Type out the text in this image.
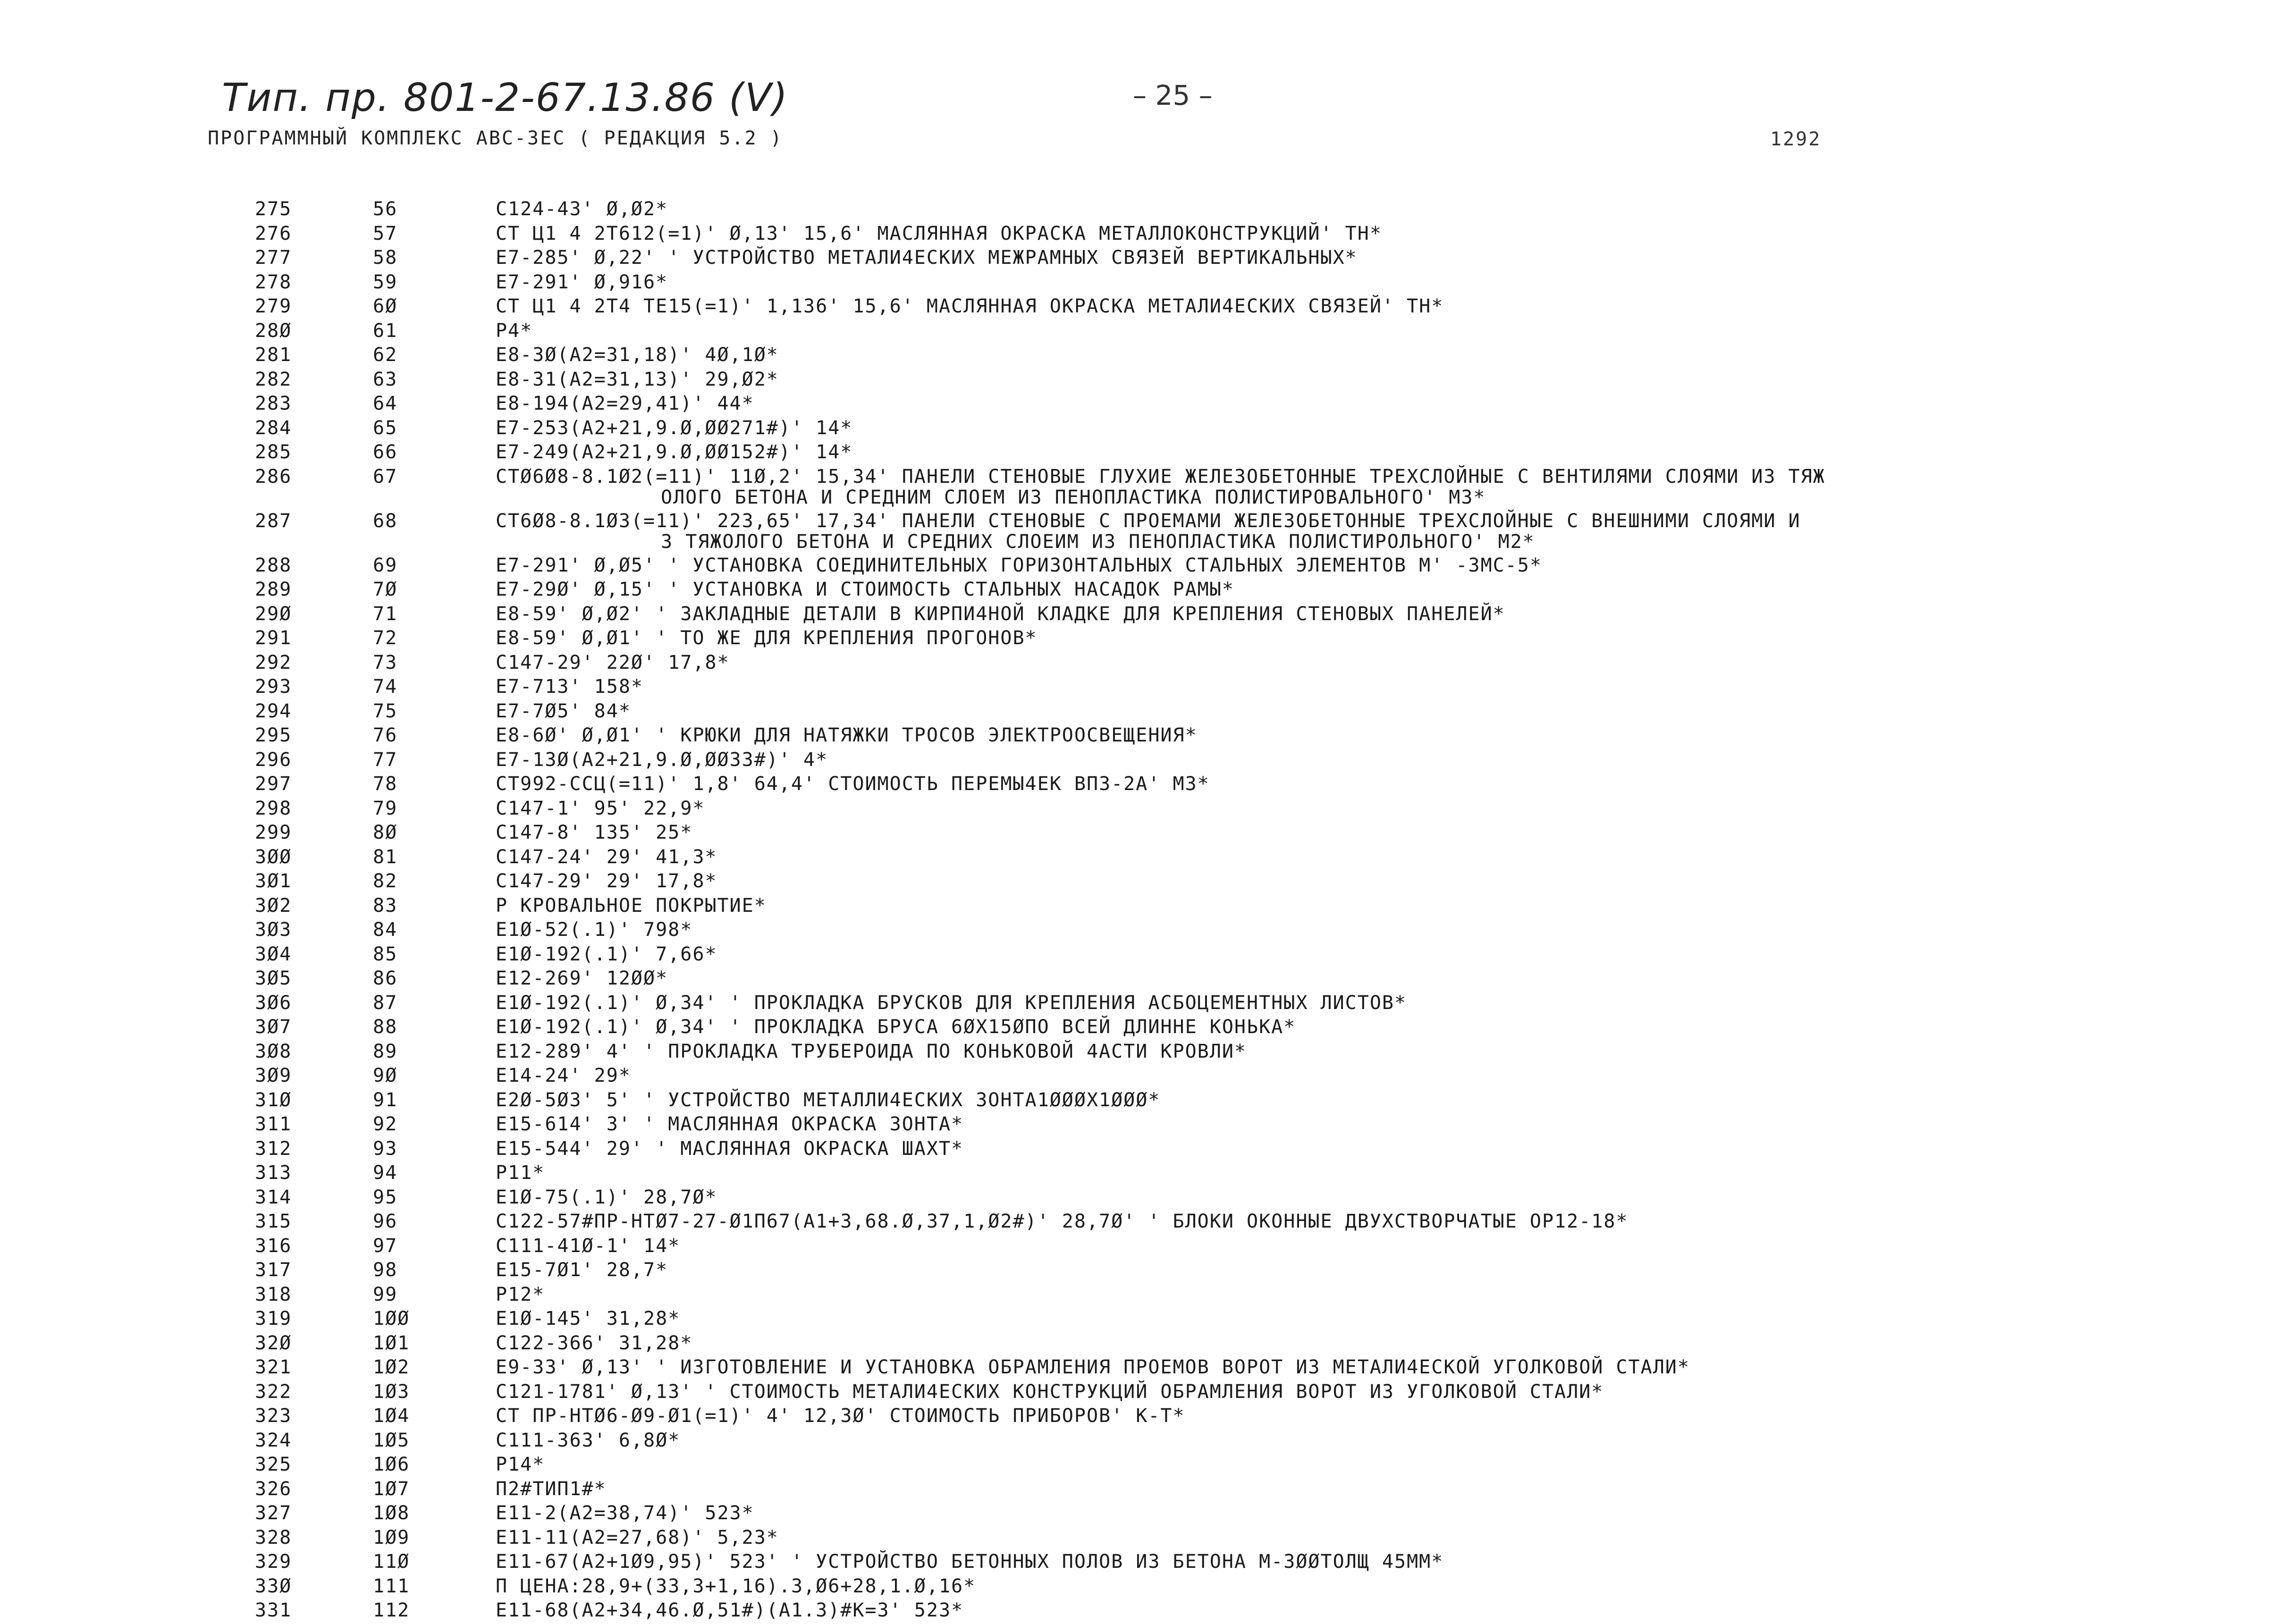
Тип. пр. 801-2-67.13.86 (V)	– 25 –
ПРОГРАММНЫЙ КОМПЛЕКС АВС-3ЕС ( РЕДАКЦИЯ 5.2 )	1292
275	56	С124-43' Ø,Ø2*
276	57	СТ Ц1 4 2Т612(=1)' Ø,13' 15,6' МАСЛЯННАЯ ОКРАСКА МЕТАЛЛОКОНСТРУКЦИЙ' ТН*
277	58	Е7-285' Ø,22' ' УСТРОЙСТВО МЕТАЛИ4ЕСКИХ МЕЖРАМНЫХ СВЯЗЕЙ ВЕРТИКАЛЬНЫХ*
278	59	Е7-291' Ø,916*
279	6Ø	СТ Ц1 4 2Т4 ТЕ15(=1)' 1,136' 15,6' МАСЛЯННАЯ ОКРАСКА МЕТАЛИ4ЕСКИХ СВЯЗЕЙ' ТН*
28Ø	61	Р4*
281	62	Е8-3Ø(А2=31,18)' 4Ø,1Ø*
282	63	Е8-31(А2=31,13)' 29,Ø2*
283	64	Е8-194(А2=29,41)' 44*
284	65	Е7-253(А2+21,9.Ø,ØØ271#)' 14*
285	66	Е7-249(А2+21,9.Ø,ØØ152#)' 14*
286	67	СТØ6Ø8-8.1Ø2(=11)' 11Ø,2' 15,34' ПАНЕЛИ СТЕНОВЫЕ ГЛУХИЕ ЖЕЛЕЗОБЕТОННЫЕ ТРЕХСЛОЙНЫЕ С ВЕНТИЛЯМИ СЛОЯМИ ИЗ ТЯЖ
ОЛОГО БЕТОНА И СРЕДНИМ СЛОЕМ ИЗ ПЕНОПЛАСТИКА ПОЛИСТИРОВАЛЬНОГО' М3*
287	68	СТ6Ø8-8.1Ø3(=11)' 223,65' 17,34' ПАНЕЛИ СТЕНОВЫЕ С ПРОЕМАМИ ЖЕЛЕЗОБЕТОННЫЕ ТРЕХСЛОЙНЫЕ С ВНЕШНИМИ СЛОЯМИ И
3 ТЯЖОЛОГО БЕТОНА И СРЕДНИХ СЛОЕИМ ИЗ ПЕНОПЛАСТИКА ПОЛИСТИРОЛЬНОГО' М2*
288	69	Е7-291' Ø,Ø5' ' УСТАНОВКА СОЕДИНИТЕЛЬНЫХ ГОРИЗОНТАЛЬНЫХ СТАЛЬНЫХ ЭЛЕМЕНТОВ М' -3МС-5*
289	7Ø	Е7-29Ø' Ø,15' ' УСТАНОВКА И СТОИМОСТЬ СТАЛЬНЫХ НАСАДОК РАМЫ*
29Ø	71	Е8-59' Ø,Ø2' ' ЗАКЛАДНЫЕ ДЕТАЛИ В КИРПИ4НОЙ КЛАДКЕ ДЛЯ КРЕПЛЕНИЯ СТЕНОВЫХ ПАНЕЛЕЙ*
291	72	Е8-59' Ø,Ø1' ' ТО ЖЕ ДЛЯ КРЕПЛЕНИЯ ПРОГОНОВ*
292	73	С147-29' 22Ø' 17,8*
293	74	Е7-713' 158*
294	75	Е7-7Ø5' 84*
295	76	Е8-6Ø' Ø,Ø1' ' КРЮКИ ДЛЯ НАТЯЖКИ ТРОСОВ ЭЛЕКТРООСВЕЩЕНИЯ*
296	77	Е7-13Ø(А2+21,9.Ø,ØØ33#)' 4*
297	78	СТ992-ССЦ(=11)' 1,8' 64,4' СТОИМОСТЬ ПЕРЕМЫ4ЕК ВП3-2А' М3*
298	79	С147-1' 95' 22,9*
299	8Ø	С147-8' 135' 25*
3ØØ	81	С147-24' 29' 41,3*
3Ø1	82	С147-29' 29' 17,8*
3Ø2	83	Р КРОВАЛЬНОЕ ПОКРЫТИЕ*
3Ø3	84	Е1Ø-52(.1)' 798*
3Ø4	85	Е1Ø-192(.1)' 7,66*
3Ø5	86	Е12-269' 12ØØ*
3Ø6	87	Е1Ø-192(.1)' Ø,34' ' ПРОКЛАДКА БРУСКОВ ДЛЯ КРЕПЛЕНИЯ АСБОЦЕМЕНТНЫХ ЛИСТОВ*
3Ø7	88	Е1Ø-192(.1)' Ø,34' ' ПРОКЛАДКА БРУСА 6ØХ15ØПО ВСЕЙ ДЛИННЕ КОНЬКА*
3Ø8	89	Е12-289' 4' ' ПРОКЛАДКА ТРУБЕРОИДА ПО КОНЬКОВОЙ 4АСТИ КРОВЛИ*
3Ø9	9Ø	Е14-24' 29*
31Ø	91	Е2Ø-5Ø3' 5' ' УСТРОЙСТВО МЕТАЛЛИ4ЕСКИХ ЗОНТА1ØØØХ1ØØØ*
311	92	Е15-614' 3' ' МАСЛЯННАЯ ОКРАСКА ЗОНТА*
312	93	Е15-544' 29' ' МАСЛЯННАЯ ОКРАСКА ШАХТ*
313	94	Р11*
314	95	Е1Ø-75(.1)' 28,7Ø*
315	96	С122-57#ПР-НТØ7-27-Ø1П67(А1+3,68.Ø,37,1,Ø2#)' 28,7Ø' ' БЛОКИ ОКОННЫЕ ДВУХСТВОРЧАТЫЕ ОР12-18*
316	97	С111-41Ø-1' 14*
317	98	Е15-7Ø1' 28,7*
318	99	Р12*
319	1ØØ	Е1Ø-145' 31,28*
32Ø	1Ø1	С122-366' 31,28*
321	1Ø2	Е9-33' Ø,13' ' ИЗГОТОВЛЕНИЕ И УСТАНОВКА ОБРАМЛЕНИЯ ПРОЕМОВ ВОРОТ ИЗ МЕТАЛИ4ЕСКОЙ УГОЛКОВОЙ СТАЛИ*
322	1Ø3	С121-1781' Ø,13' ' СТОИМОСТЬ МЕТАЛИ4ЕСКИХ КОНСТРУКЦИЙ ОБРАМЛЕНИЯ ВОРОТ ИЗ УГОЛКОВОЙ СТАЛИ*
323	1Ø4	СТ ПР-НТØ6-Ø9-Ø1(=1)' 4' 12,3Ø' СТОИМОСТЬ ПРИБОРОВ' К-Т*
324	1Ø5	С111-363' 6,8Ø*
325	1Ø6	Р14*
326	1Ø7	П2#ТИП1#*
327	1Ø8	Е11-2(А2=38,74)' 523*
328	1Ø9	Е11-11(А2=27,68)' 5,23*
329	11Ø	Е11-67(А2+1Ø9,95)' 523' ' УСТРОЙСТВО БЕТОННЫХ ПОЛОВ ИЗ БЕТОНА М-3ØØТОЛЩ 45ММ*
33Ø	111	П ЦЕНА:28,9+(33,3+1,16).3,Ø6+28,1.Ø,16*
331	112	Е11-68(А2+34,46.Ø,51#)(А1.3)#К=3' 523*
